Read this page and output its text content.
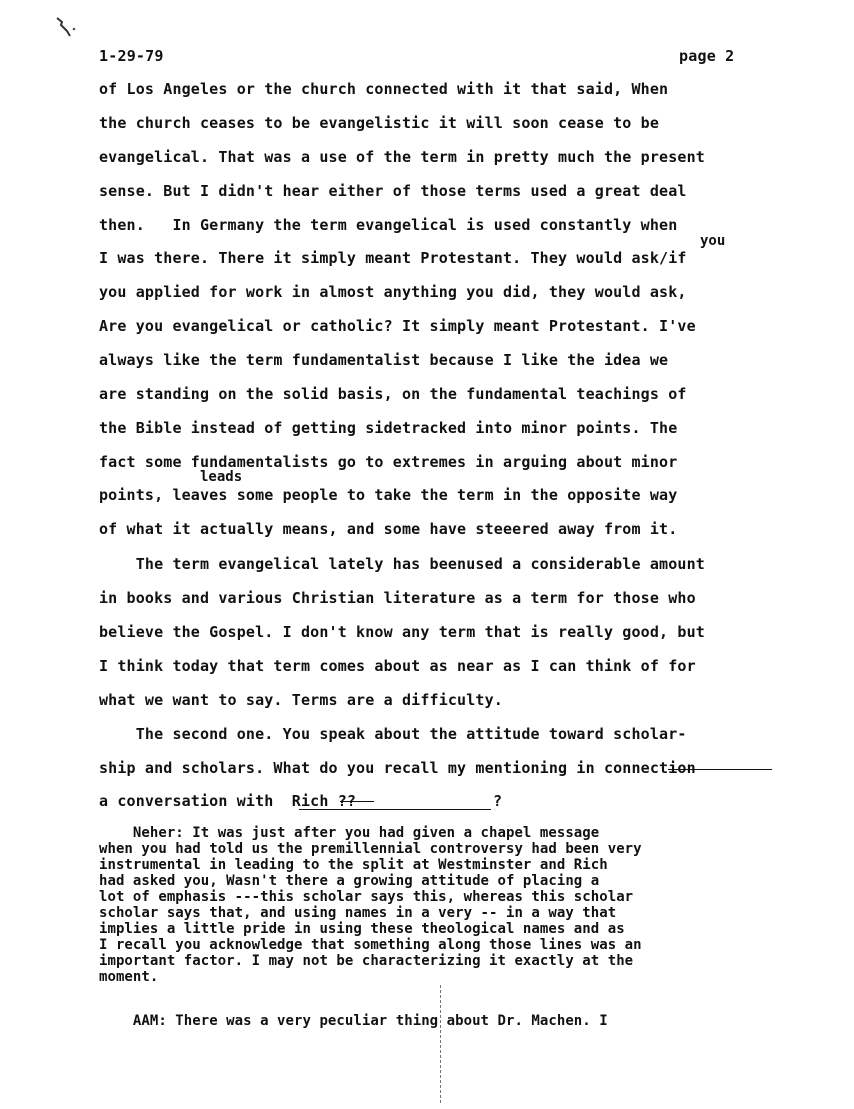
1-29-79	page 2
of Los Angeles or the church connected with it that said, When
the church ceases to be evangelistic it will soon cease to be
evangelical. That was a use of the term in pretty much the present
sense. But I didn't hear either of those terms used a great deal
then.   In Germany the term evangelical is used constantly when
you
I was there. There it simply meant Protestant. They would ask/if
you applied for work in almost anything you did, they would ask,
Are you evangelical or catholic? It simply meant Protestant. I've
always like the term fundamentalist because I like the idea we
are standing on the solid basis, on the fundamental teachings of
the Bible instead of getting sidetracked into minor points. The
fact some fundamentalists go to extremes in arguing about minor
leads
points, leaves some people to take the term in the opposite way
of what it actually means, and some have steeered away from it.
The term evangelical lately has beenused a considerable amount
in books and various Christian literature as a term for those who
believe the Gospel. I don't know any term that is really good, but
I think today that term comes about as near as I can think of for
what we want to say. Terms are a difficulty.
The second one. You speak about the attitude toward scholar-
ship and scholars. What do you recall my mentioning in connection
a conversation with  Rich ??	?
Neher: It was just after you had given a chapel message
when you had told us the premillennial controversy had been very
instrumental in leading to the split at Westminster and Rich
had asked you, Wasn't there a growing attitude of placing a
lot of emphasis ---this scholar says this, whereas this scholar
scholar says that, and using names in a very -- in a way that
implies a little pride in using these theological names and as
I recall you acknowledge that something along those lines was an
important factor. I may not be characterizing it exactly at the
moment.
AAM: There was a very peculiar thing about Dr. Machen. I
